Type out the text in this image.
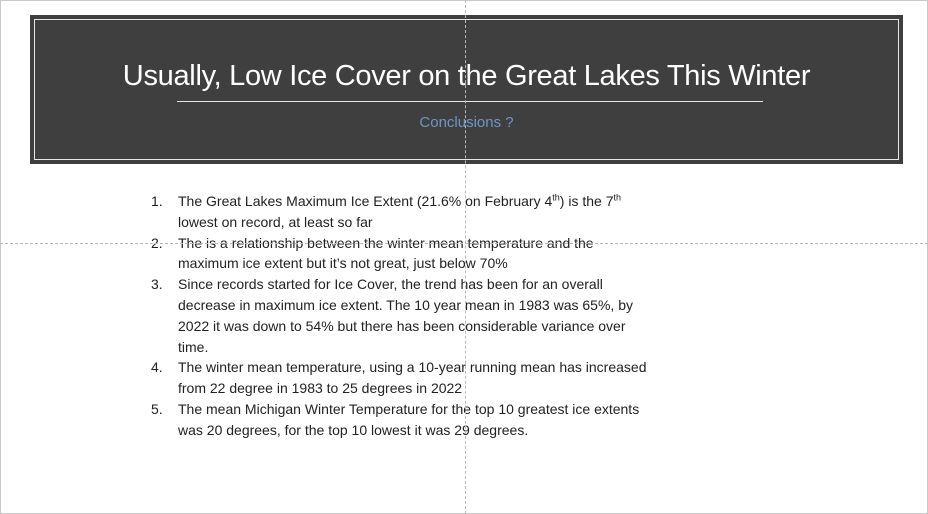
Usually, Low Ice Cover on the Great Lakes This Winter
Conclusions ?
1. The Great Lakes Maximum Ice Extent (21.6% on February 4th) is the 7th lowest on record, at least so far
2. The is a relationship between the winter mean temperature and the maximum ice extent but it’s not great, just below 70%
3. Since records started for Ice Cover, the trend has been for an overall decrease in maximum ice extent. The 10 year mean in 1983 was 65%, by 2022 it was down to 54% but there has been considerable variance over time.
4. The winter mean temperature, using a 10-year running mean has increased from 22 degree in 1983 to 25 degrees in 2022
5. The mean Michigan Winter Temperature for the top 10 greatest ice extents was 20 degrees, for the top 10 lowest it was 29 degrees.
